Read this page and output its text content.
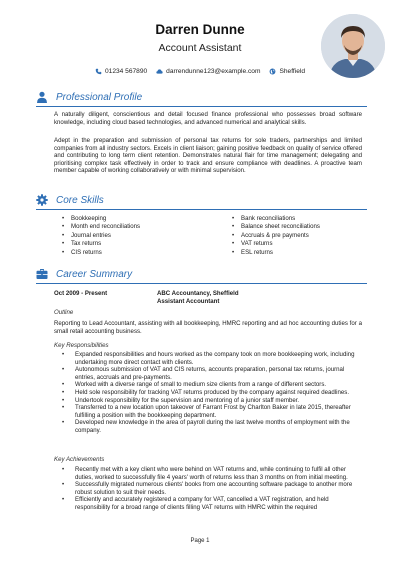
Darren Dunne
Account Assistant
01234 567890	darrendunne123@example.com	Sheffield
Professional Profile
A naturally diligent, conscientious and detail focused finance professional who possesses broad software knowledge, including cloud based technologies, and advanced numerical and analytical skills.
Adept in the preparation and submission of personal tax returns for sole traders, partnerships and limited companies from all industry sectors. Excels in client liaison; gaining positive feedback on quality of service offered and contributing to long term client retention. Demonstrates natural flair for time management; delegating and prioritising complex task effectively in order to track and ensure compliance with deadlines. A proactive team member capable of working collaboratively or with minimal supervision.
Core Skills
• Bookkeeping	• Bank reconciliations
• Month end reconciliations	• Balance sheet reconciliations
• Journal entries	• Accruals & pre payments
• Tax returns	• VAT returns
• CIS returns	• ESL returns
Career Summary
Oct 2009 - Present	ABC Accountancy, Sheffield
Assistant Accountant
Outline
Reporting to Lead Accountant, assisting with all bookkeeping, HMRC reporting and ad hoc accounting duties for a small retail accounting business.
Key Responsibilities
• Expanded responsibilities and hours worked as the company took on more bookkeeping work, including undertaking more direct contact with clients.
• Autonomous submission of VAT and CIS returns, accounts preparation, personal tax returns, journal entries, accruals and pre-payments.
• Worked with a diverse range of small to medium size clients from a range of different sectors.
• Held sole responsibility for tracking VAT returns produced by the company against required deadlines.
• Undertook responsibility for the supervision and mentoring of a junior staff member.
• Transferred to a new location upon takeover of Farrant Frost by Charlton Baker in late 2015, thereafter fulfilling a position with the bookkeeping department.
• Developed new knowledge in the area of payroll during the last twelve months of employment with the company.
Key Achievements
• Recently met with a key client who were behind on VAT returns and, while continuing to fulfil all other duties, worked to successfully file 4 years' worth of returns less than 3 months on from initial meeting.
• Successfully migrated numerous clients' books from one accounting software package to another more robust solution to suit their needs.
• Efficiently and accurately registered a company for VAT, cancelled a VAT registration, and held responsibility for a broad range of clients filling VAT returns with HMRC within the required
Page 1
